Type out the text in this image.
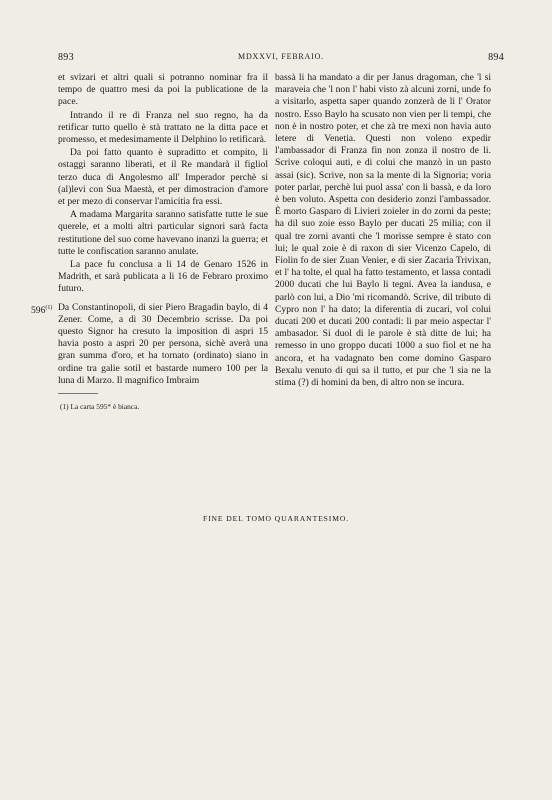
893	MDXXVI, FEBRAIO.	894

et svizari et altri quali si potranno nominar fra il tempo de quattro mesi da poi la publicatione de la pace.

Intrando il re di Franza nel suo regno, ha da retificar tutto quello è stà trattato ne la ditta pace et promesso, et medesimamente il Delphino lo retificarà.

Da poi fatto quanto è supraditto et compito, li ostaggi saranno liberati, et il Re mandarà il figliol terzo duca di Angolesmo all' Imperador perchè si (al)levi con Sua Maestà, et per dimostracion d'amore et per mezo di conservar l'amicitia fra essi.

A madama Margarita saranno satisfatte tutte le sue querele, et a molti altri particular signori sarà facta restitutione del suo come havevano inanzi la guerra; et tutte le confiscation saranno anulate.

La pace fu conclusa a li 14 de Genaro 1526 in Madrith, et sarà publicata a li 16 de Febraro proximo futuro.

596$^{(1)}$ Da Constantinopoli, di sier Piero Bragadin baylo, di 4 Zener. Come, a dì 30 Decembrio scrisse. Da poi questo Signor ha cresuto la imposition di aspri 15 havia posto a aspri 20 per persona, sichè averà una gran summa d'oro, et ha tornato (ordinato) siano in ordine tra galie sotil et bastarde numero 100 per la luna di Marzo. Il magnifico Imbraim

(1) La carta 595* è bianca.

bassà li ha mandato a dir per Janus dragoman, che 'l si maraveia che 'l non l' habi visto zà alcuni zorni, unde fo a visitarlo, aspetta saper quando zonzerà de li l' Orator nostro. Esso Baylo ha scusato non vien per li tempi, che non è in nostro poter, et che zà tre mexi non havia auto letere di Venetia. Questi non voleno expedir l'ambassador di Franza fin non zonza il nostro de li. Scrive coloqui auti, e di colui che manzò in un pasto assai (sic). Scrive, non sa la mente di la Signoria; voria poter parlar, perchè lui puol assa' con li bassà, e da loro è ben voluto. Aspetta con desiderio zonzi l'ambassador. È morto Gasparo di Livieri zoieler in do zorni da peste; ha dil suo zoie esso Baylo per ducati 25 milia; con il qual tre zorni avanti che 'l morisse sempre è stato con lui; le qual zoie è di raxon di sier Vicenzo Capelo, di Fiolin fo de sier Zuan Venier, e di sier Zacaria Trivixan, et l' ha tolte, el qual ha fatto testamento, et lassa contadi 2000 ducati che lui Baylo li tegni. Avea la iandusa, e parlò con lui, a Dio 'mi ricomandò. Scrive, dil tributo di Cypro non l' ha dato; la diferentia di zucari, vol colui ducati 200 et ducati 200 contadi: li par meio aspectar l' ambasador. Si duol di le parole è stà ditte de lui; ha remesso in uno groppo ducati 1000 a suo fiol et ne ha ancora, et ha vadagnato ben come domino Gasparo Bexalu venuto di qui sa il tutto, et pur che 'l sia ne la stima (?) di homini da ben, di altro non se incura.

FINE DEL TOMO QUARANTESIMO.
